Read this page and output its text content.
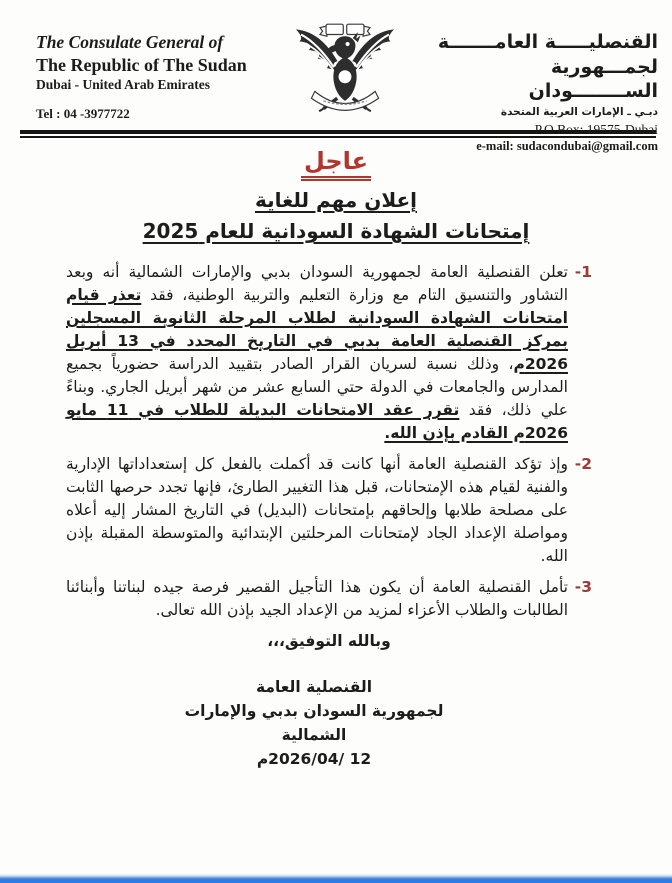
The Consulate General of
The Republic of The Sudan
Dubai - United Arab Emirates
Tel : 04 -3977722
القنصليـــــة العامـــــــة
لجمـــهورية الســــــــودان
دبـي ـ الإمارات العربية المتحدة
P.O Box: 19575-Dubai
e-mail: sudacondubai@gmail.com
عاجل
إعلان مهم للغاية
إمتحانات الشهادة السودانية للعام 2025

1-
تعلن القنصلية العامة لجمهورية السودان بدبي والإمارات الشمالية أنه وبعد التشاور والتنسيق التام مع وزارة التعليم والتربية الوطنية، فقد تعذر قيام امتحانات الشهادة السودانية لطلاب المرحلة الثانوية المسجلين بمركز القنصلية العامة بدبي في التاريخ المحدد في 13 أبريل 2026م، وذلك نسبة لسريان القرار الصادر بتقييد الدراسة حضورياً بجميع المدارس والجامعات في الدولة حتي السابع عشر من شهر أبريل الجاري. وبناءً علي ذلك، فقد تقرر عقد الامتحانات البديلة للطلاب في 11 مايو 2026م القادم بإذن الله.

2-
وإذ تؤكد القنصلية العامة أنها كانت قد أكملت بالفعل كل إستعداداتها الإدارية والفنية لقيام هذه الإمتحانات، قبل هذا التغيير الطارئ، فإنها تجدد حرصها الثابت على مصلحة طلابها وإلحاقهم بإمتحانات (البديل) في التاريخ المشار إليه أعلاه ومواصلة الإعداد الجاد لإمتحانات المرحلتين الإبتدائية والمتوسطة المقبلة بإذن الله.

3-
تأمل القنصلية العامة أن يكون هذا التأجيل القصير فرصة جيده لبناتنا وأبنائنا الطالبات والطلاب الأعزاء لمزيد من الإعداد الجيد بإذن الله تعالى.

وبالله التوفيق،،،
القنصلية العامة
لجمهورية السودان بدبي والإمارات الشمالية
م2026/04/ 12
